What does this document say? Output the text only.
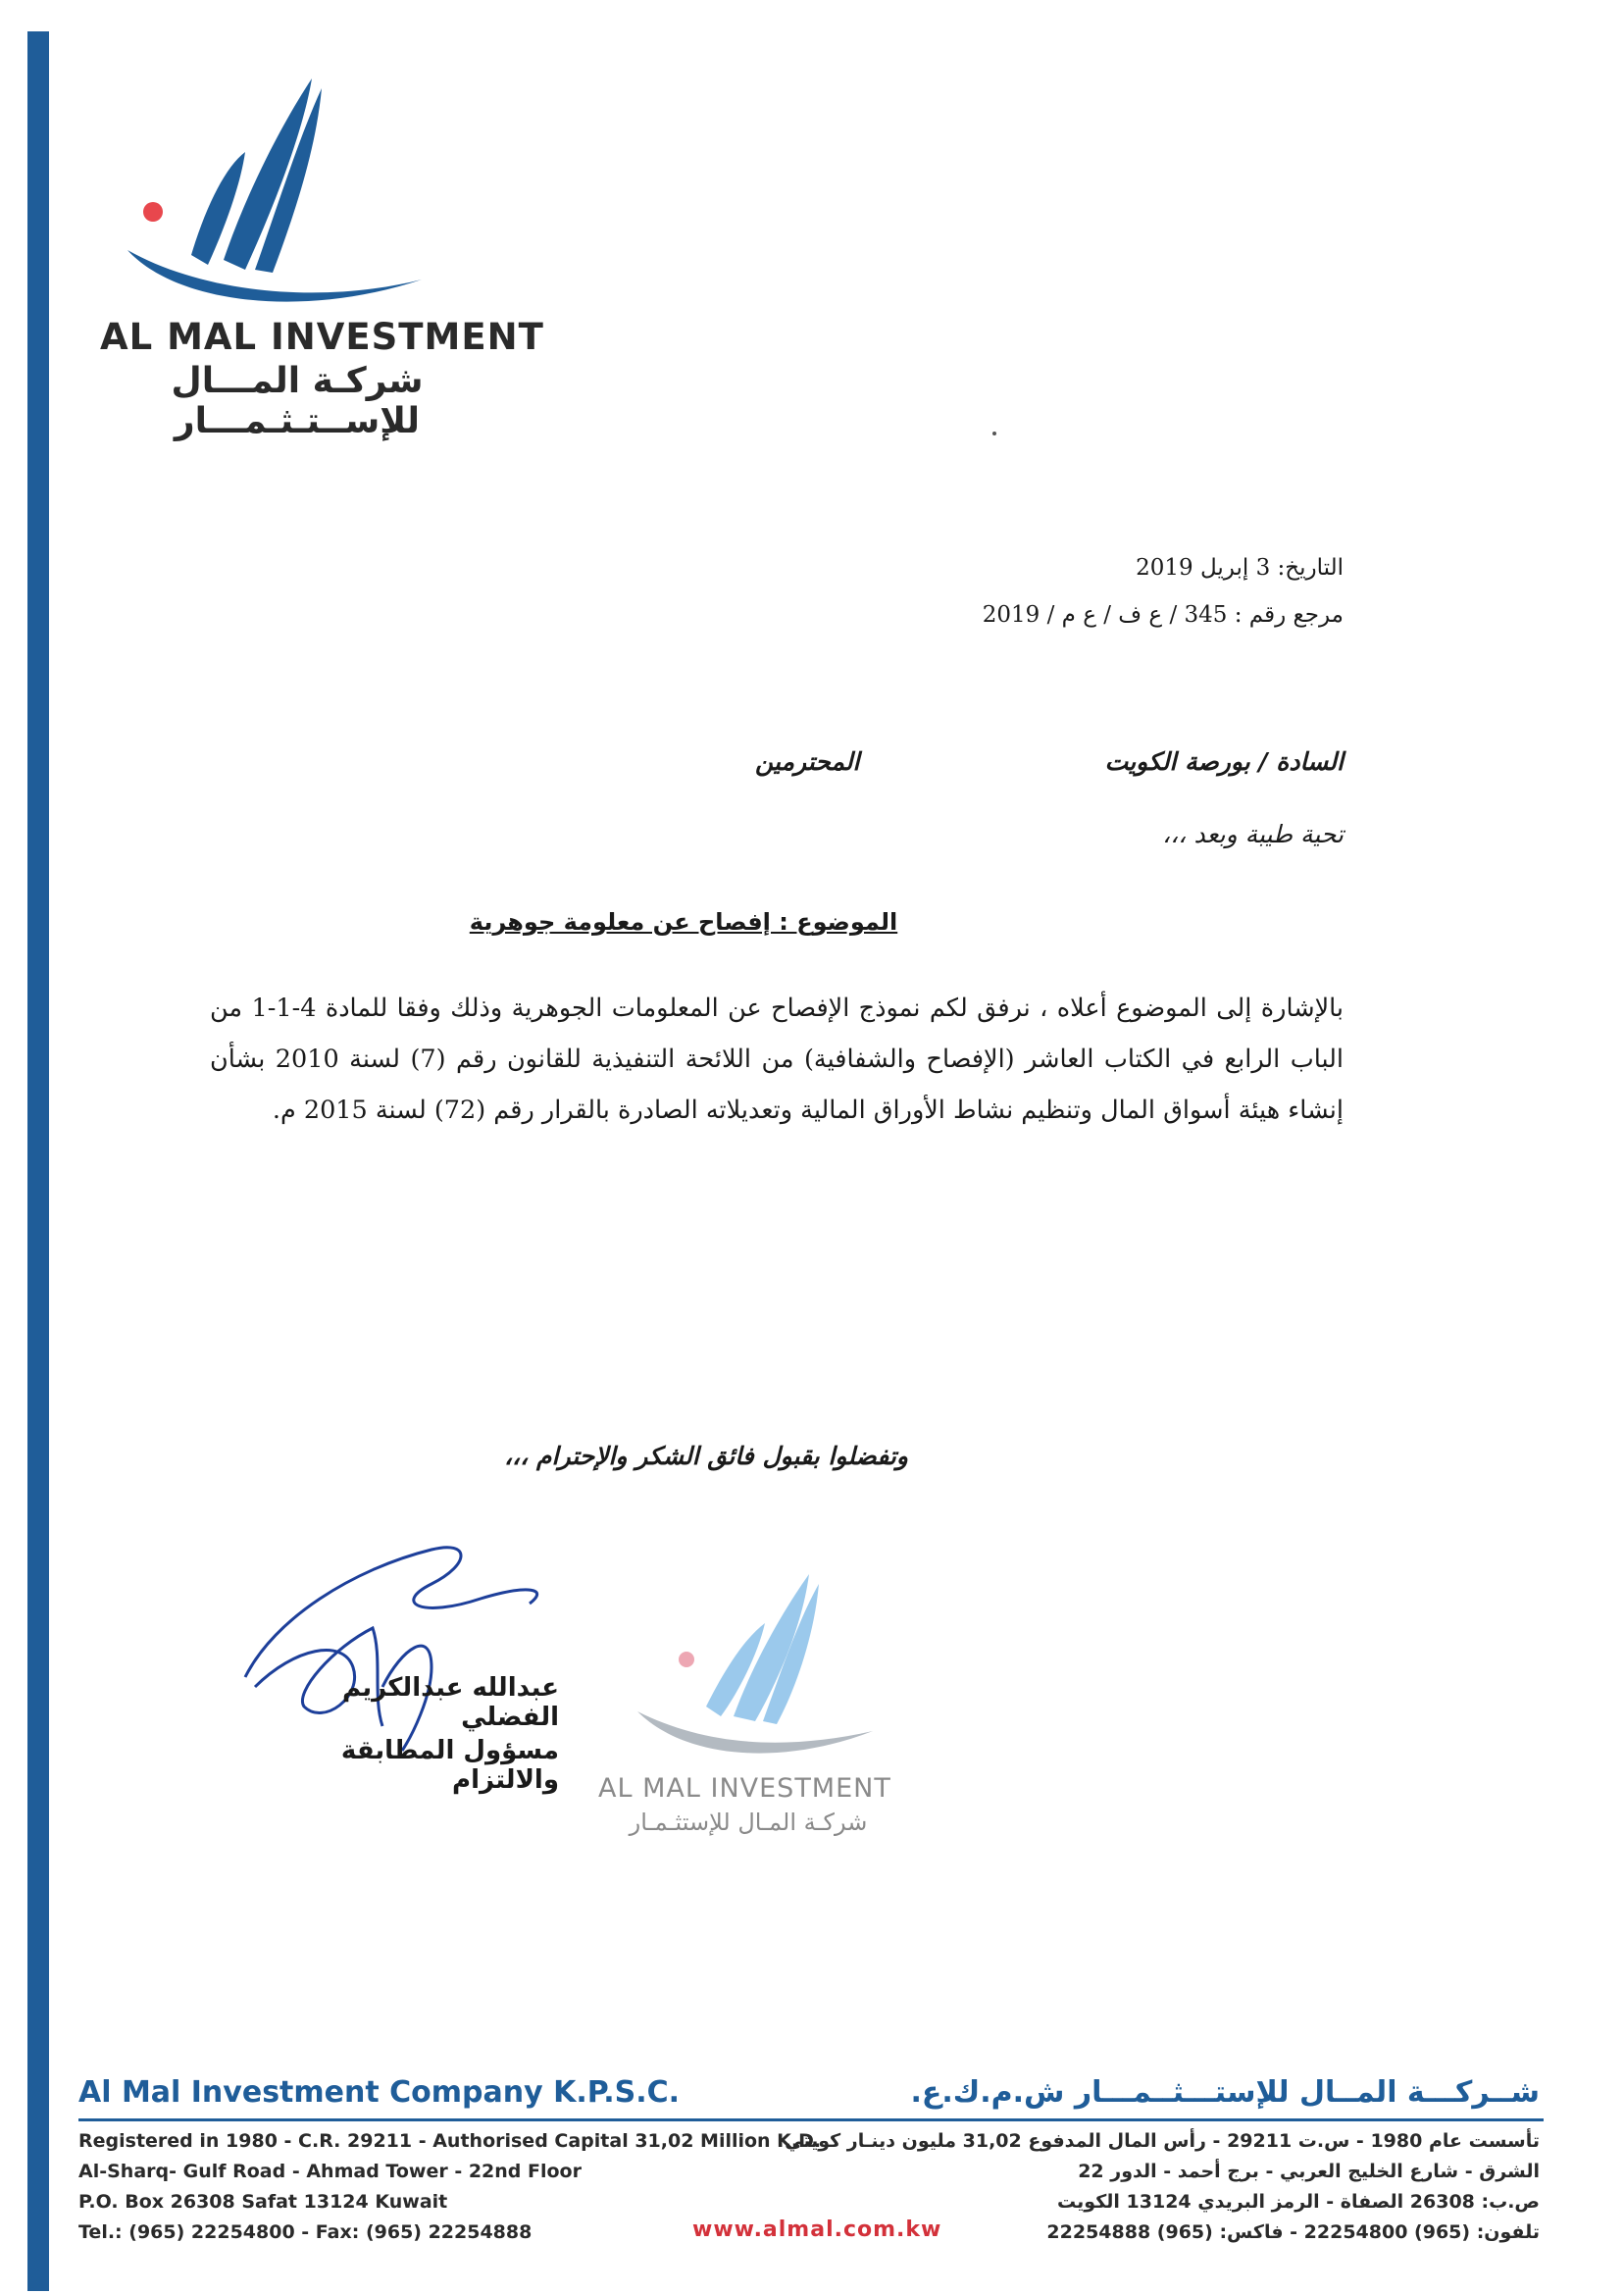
AL MAL INVESTMENT
شركـة المـــال للإســتـثـمـــار
التاريخ: 3 إبريل 2019
مرجع رقم : 345 / ع ف / ع م / 2019
السادة / بورصة الكويت
المحترمين
تحية طيبة وبعد ،،،
الموضوع : إفصاح عن معلومة جوهرية
بالإشارة إلى الموضوع أعلاه ، نرفق لكم نموذج الإفصاح عن المعلومات الجوهرية وذلك وفقا للمادة 4-1-1 من الباب الرابع في الكتاب العاشر (الإفصاح والشفافية) من اللائحة التنفيذية للقانون رقم (7) لسنة 2010 بشأن إنشاء هيئة أسواق المال وتنظيم نشاط الأوراق المالية وتعديلاته الصادرة بالقرار رقم (72) لسنة 2015 م.
وتفضلوا بقبول فائق الشكر والإحترام ،،،
عبدالله عبدالكريم الفضلي
مسؤول المطابقة والالتزام AL MAL INVESTMENT
شركـة المـال للإستثـمـار
Al Mal Investment Company K.P.S.C.	شــركـــة المــال للإستـــثــمـــار ش.م.ك.ع.
Registered in 1980 - C.R. 29211 - Authorised Capital 31,02 Million K.D.
Al-Sharq- Gulf Road - Ahmad Tower - 22nd Floor
P.O. Box 26308 Safat 13124 Kuwait
Tel.: (965) 22254800 - Fax: (965) 22254888
تأسست عام 1980 - س.ت 29211 - رأس المال المدفوع 31,02 مليون دينـار كويتي
الشرق - شارع الخليج العربي - برج أحمد - الدور 22
ص.ب: 26308 الصفاة - الرمز البريدي 13124 الكويت
تلفون: (965) 22254800 - فاكس: (965) 22254888
www.almal.com.kw
